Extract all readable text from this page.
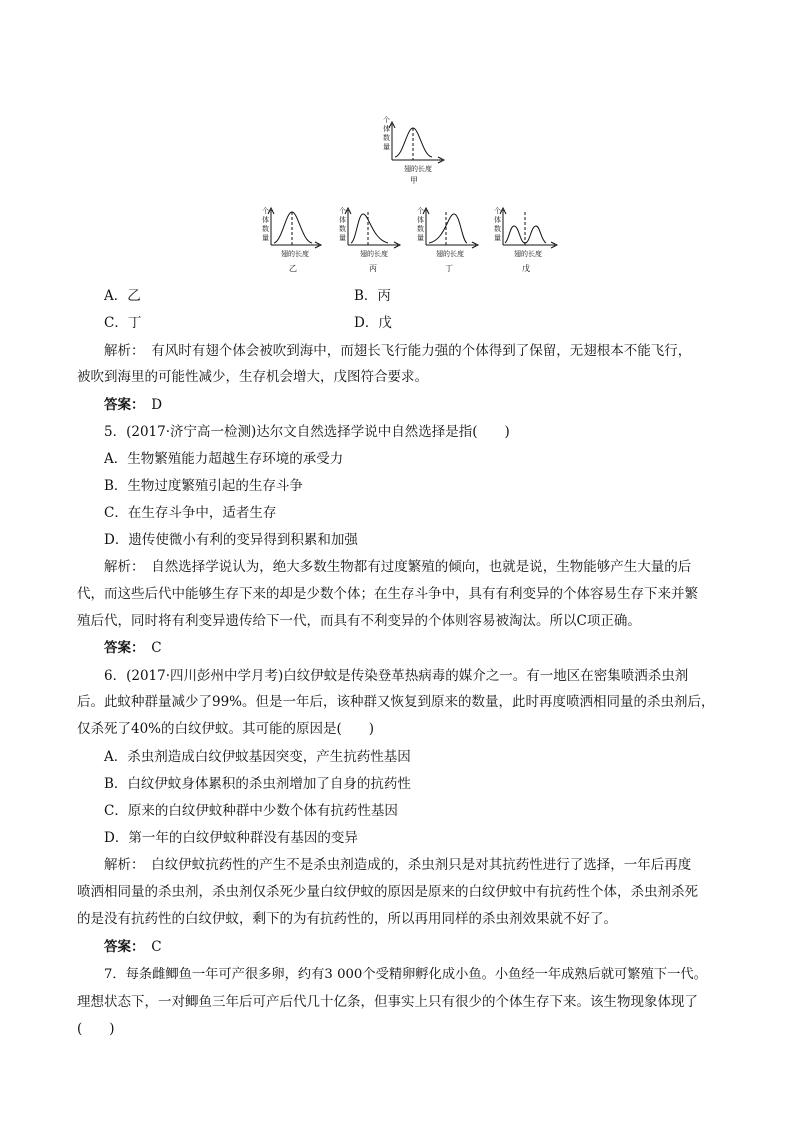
个
体
数
量
翅的长度
甲
个
体
数
量
翅的长度
乙
个
体
数
量
翅的长度
丙
个
体
数
量
翅的长度
丁
个
体
数
量
翅的长度
戊
A．乙	B．丙
C．丁	D．戊
解析：　有风时有翅个体会被吹到海中，而翅长飞行能力强的个体得到了保留，无翅根本不能飞行，
被吹到海里的可能性减少，生存机会增大，戊图符合要求。
答案：　 D
5．(2017·济宁高一检测)达尔文自然选择学说中自然选择是指(　　)
A．生物繁殖能力超越生存环境的承受力
B．生物过度繁殖引起的生存斗争
C．在生存斗争中，适者生存
D．遗传使微小有利的变异得到积累和加强
解析：　自然选择学说认为，绝大多数生物都有过度繁殖的倾向，也就是说，生物能够产生大量的后
代，而这些后代中能够生存下来的却是少数个体；在生存斗争中，具有有利变异的个体容易生存下来并繁
殖后代，同时将有利变异遗传给下一代，而具有不利变异的个体则容易被淘汰。所以C项正确。
答案：　 C
6．(2017·四川彭州中学月考)白纹伊蚊是传染登革热病毒的媒介之一。有一地区在密集喷洒杀虫剂
后。此蚊种群量减少了99%。但是一年后，该种群又恢复到原来的数量，此时再度喷洒相同量的杀虫剂后，
仅杀死了40%的白纹伊蚊。其可能的原因是(　　)
A．杀虫剂造成白纹伊蚊基因突变，产生抗药性基因
B．白纹伊蚊身体累积的杀虫剂增加了自身的抗药性
C．原来的白纹伊蚊种群中少数个体有抗药性基因
D．第一年的白纹伊蚊种群没有基因的变异
解析：　白纹伊蚊抗药性的产生不是杀虫剂造成的，杀虫剂只是对其抗药性进行了选择，一年后再度
喷洒相同量的杀虫剂，杀虫剂仅杀死少量白纹伊蚊的原因是原来的白纹伊蚊中有抗药性个体，杀虫剂杀死
的是没有抗药性的白纹伊蚊，剩下的为有抗药性的，所以再用同样的杀虫剂效果就不好了。
答案：　 C
7．每条雌鲫鱼一年可产很多卵，约有3 000个受精卵孵化成小鱼。小鱼经一年成熟后就可繁殖下一代。
理想状态下，一对鲫鱼三年后可产后代几十亿条，但事实上只有很少的个体生存下来。该生物现象体现了
(　　)
